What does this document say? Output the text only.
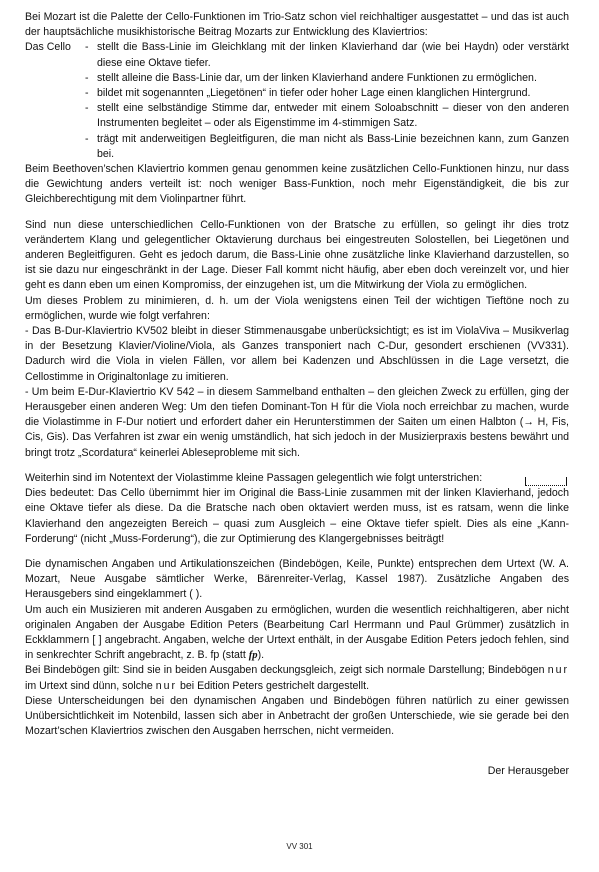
Bei Mozart ist die Palette der Cello-Funktionen im Trio-Satz schon viel reichhaltiger ausgestattet – und das ist auch der hauptsächliche musikhistorische Beitrag Mozarts zur Entwicklung des Klaviertrios:

Das Cello
-	stellt die Bass-Linie im Gleichklang mit der linken Klavierhand dar (wie bei Haydn) oder verstärkt diese eine Oktave tiefer.
- stellt alleine die Bass-Linie dar, um der linken Klavierhand andere Funktionen zu ermöglichen.
- bildet mit sogenannten „Liegetönen“ in tiefer oder hoher Lage einen klanglichen Hintergrund.
- stellt eine selbständige Stimme dar, entweder mit einem Soloabschnitt – dieser von den anderen Instrumenten begleitet – oder als Eigenstimme im 4-stimmigen Satz.
- trägt mit anderweitigen Begleitfiguren, die man nicht als Bass-Linie bezeichnen kann, zum Ganzen bei.

Beim Beethoven’schen Klaviertrio kommen genau genommen keine zusätzlichen Cello-Funktionen hinzu, nur dass die Gewichtung anders verteilt ist: noch weniger Bass-Funktion, noch mehr Eigenständigkeit, die bis zur Gleichberechtigung mit dem Violinpartner führt.

Sind nun diese unterschiedlichen Cello-Funktionen von der Bratsche zu erfüllen, so gelingt ihr dies trotz verändertem Klang und gelegentlicher Oktavierung durchaus bei eingestreuten Solostellen, bei Liegetönen und anderen Begleitfiguren. Geht es jedoch darum, die Bass-Linie ohne zusätzliche linke Klavierhand darzustellen, so ist sie dazu nur eingeschränkt in der Lage. Dieser Fall kommt nicht häufig, aber eben doch vereinzelt vor, und hier geht es dann eben um einen Kompromiss, der einzugehen ist, um die Mitwirkung der Viola zu ermöglichen.

Um dieses Problem zu minimieren, d. h. um der Viola wenigstens einen Teil der wichtigen Tieftöne noch zu ermöglichen, wurde wie folgt verfahren:

- Das B-Dur-Klaviertrio KV502 bleibt in dieser Stimmenausgabe unberücksichtigt; es ist im ViolaViva – Musikverlag in der Besetzung Klavier/Violine/Viola, als Ganzes transponiert nach C-Dur, gesondert erschienen (VV331). Dadurch wird die Viola in vielen Fällen, vor allem bei Kadenzen und Abschlüssen in die Lage versetzt, die Cellostimme in Originaltonlage zu imitieren.

- Um beim E-Dur-Klaviertrio KV 542 – in diesem Sammelband enthalten – den gleichen Zweck zu erfüllen, ging der Herausgeber einen anderen Weg: Um den tiefen Dominant-Ton H für die Viola noch erreichbar zu machen, wurde die Violastimme in F-Dur notiert und erfordert daher ein Herunterstimmen der Saiten um einen Halbton (→ H, Fis, Cis, Gis). Das Verfahren ist zwar ein wenig umständlich, hat sich jedoch in der Musizierpraxis bestens bewährt und bringt trotz „Scordatura“ keinerlei Ableseprobleme mit sich.

Weiterhin sind im Notentext der Violastimme kleine Passagen gelegentlich wie folgt unterstrichen:

Dies bedeutet: Das Cello übernimmt hier im Original die Bass-Linie zusammen mit der linken Klavierhand, jedoch eine Oktave tiefer als diese. Da die Bratsche nach oben oktaviert werden muss, ist es ratsam, wenn die linke Klavierhand den angezeigten Bereich – quasi zum Ausgleich – eine Oktave tiefer spielt. Dies als eine „Kann-Forderung“ (nicht „Muss-Forderung“), die zur Optimierung des Klangergebnisses beiträgt!

Die dynamischen Angaben und Artikulationszeichen (Bindebögen, Keile, Punkte) entsprechen dem Urtext (W. A. Mozart, Neue Ausgabe sämtlicher Werke, Bärenreiter-Verlag, Kassel 1987). Zusätzliche Angaben des Herausgebers sind eingeklammert ( ).

Um auch ein Musizieren mit anderen Ausgaben zu ermöglichen, wurden die wesentlich reichhaltigeren, aber nicht originalen Angaben der Ausgabe Edition Peters (Bearbeitung Carl Herrmann und Paul Grümmer) zusätzlich in Eckklammern [ ] angebracht. Angaben, welche der Urtext enthält, in der Ausgabe Edition Peters jedoch fehlen, sind in senkrechter Schrift angebracht, z. B. fp (statt fp).

Bei Bindebögen gilt: Sind sie in beiden Ausgaben deckungsgleich, zeigt sich normale Darstellung; Bindebögen nur im Urtext sind dünn, solche nur bei Edition Peters gestrichelt dargestellt.

Diese Unterscheidungen bei den dynamischen Angaben und Bindebögen führen natürlich zu einer gewissen Unübersichtlichkeit im Notenbild, lassen sich aber in Anbetracht der großen Unterschiede, wie sie gerade bei den Mozart’schen Klaviertrios zwischen den Ausgaben herrschen, nicht vermeiden.

Der Herausgeber
VV 301
